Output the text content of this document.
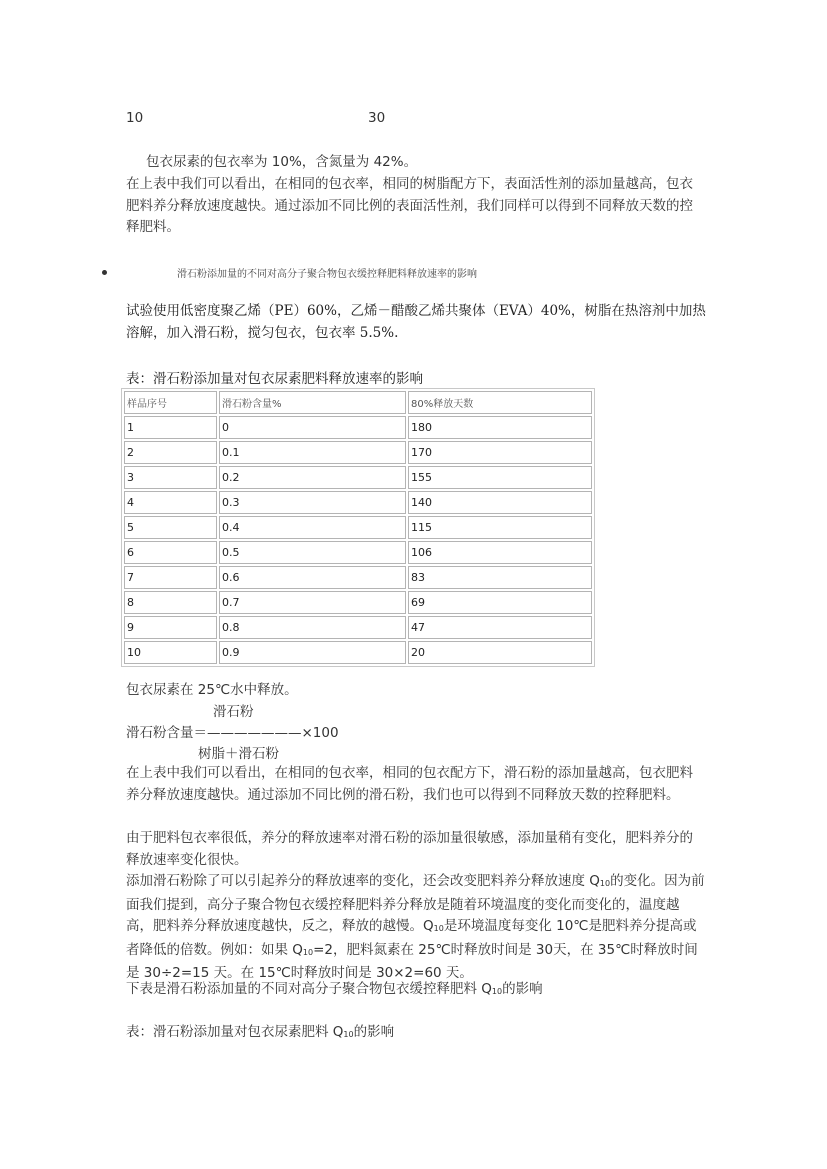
10	30
包衣尿素的包衣率为 10%，含氮量为 42%。
在上表中我们可以看出，在相同的包衣率，相同的树脂配方下，表面活性剂的添加量越高，包衣肥料养分释放速度越快。通过添加不同比例的表面活性剂，我们同样可以得到不同释放天数的控释肥料。
滑石粉添加量的不同对高分子聚合物包衣缓控释肥料释放速率的影响
试验使用低密度聚乙烯（PE）60%，乙烯－醋酸乙烯共聚体（EVA）40%，树脂在热溶剂中加热溶解，加入滑石粉，搅匀包衣，包衣率 5.5%.
表：滑石粉添加量对包衣尿素肥料释放速率的影响
样品序号	滑石粉含量%	80%释放天数
1	0	180
2	0.1	170
3	0.2	155
4	0.3	140
5	0.4	115
6	0.5	106
7	0.6	83
8	0.7	69
9	0.8	47
10	0.9	20
包衣尿素在 25℃水中释放。
滑石粉
滑石粉含量＝———————×100
树脂＋滑石粉
在上表中我们可以看出，在相同的包衣率，相同的包衣配方下，滑石粉的添加量越高，包衣肥料养分释放速度越快。通过添加不同比例的滑石粉，我们也可以得到不同释放天数的控释肥料。
由于肥料包衣率很低，养分的释放速率对滑石粉的添加量很敏感，添加量稍有变化，肥料养分的释放速率变化很快。
添加滑石粉除了可以引起养分的释放速率的变化，还会改变肥料养分释放速度 $Q_{10}$的变化。因为前面我们提到，高分子聚合物包衣缓控释肥料养分释放是随着环境温度的变化而变化的，温度越高，肥料养分释放速度越快，反之，释放的越慢。$Q_{10}$是环境温度每变化 10℃是肥料养分提高或者降低的倍数。例如：如果 $Q_{10}=2$，肥料氮素在 25℃时释放时间是 30天，在 35℃时释放时间是 30÷2=15 天。在 15℃时释放时间是 30×2=60 天。
下表是滑石粉添加量的不同对高分子聚合物包衣缓控释肥料 $Q_{10}$的影响
表：滑石粉添加量对包衣尿素肥料 $Q_{10}$的影响
